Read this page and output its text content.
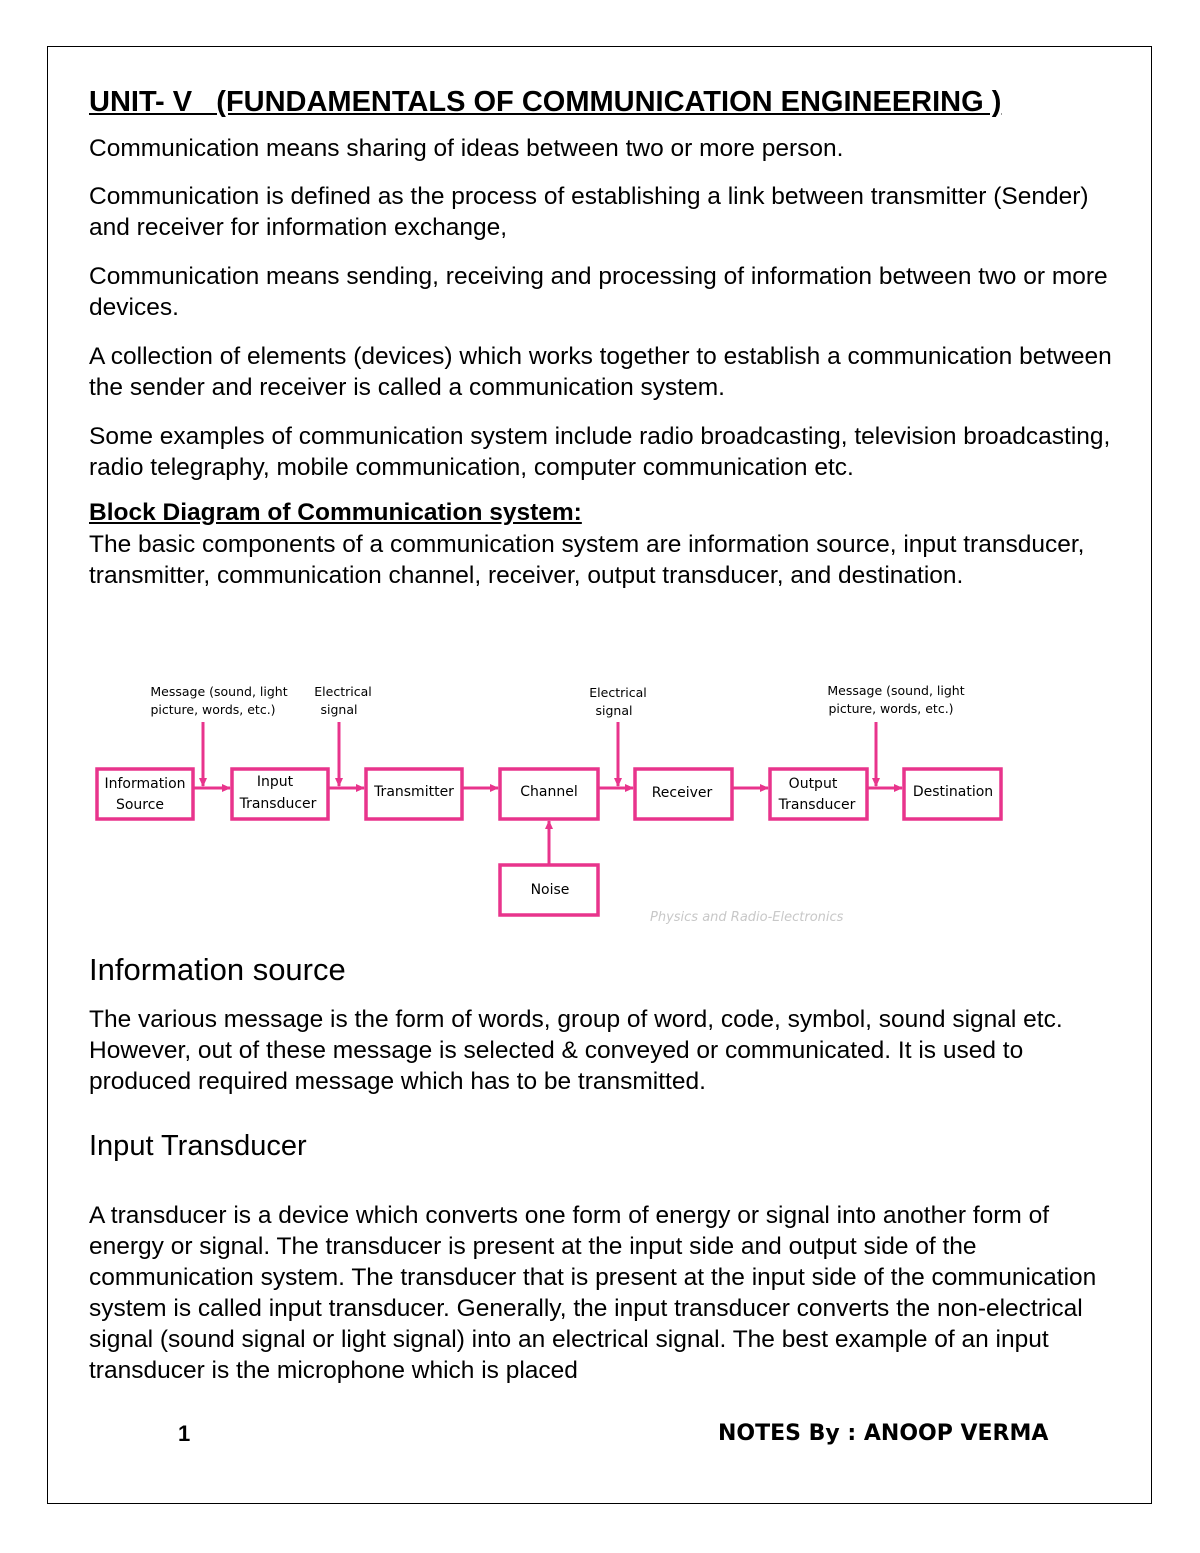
UNIT- V   (FUNDAMENTALS OF COMMUNICATION ENGINEERING )

Communication means sharing of ideas between two or more person.

Communication is defined as the process of establishing a link between transmitter (Sender) and receiver for information exchange,

Communication means sending, receiving and processing of information between two or more devices.

A collection of elements (devices) which works together to establish a communication between the sender and receiver is called a communication system.

Some examples of communication system include radio broadcasting, television broadcasting, radio telegraphy, mobile communication, computer communication etc.

Block Diagram of Communication system:

The basic components of a communication system are information source, input transducer, transmitter, communication channel, receiver, output transducer, and destination.

Information
Source
Input
Transducer
Transmitter	Channel	Receiver
Output
Transducer
Destination
Noise
Message (sound, light
picture, words, etc.)
Electrical
signal
Electrical
signal
Message (sound, light
picture, words, etc.)
Physics and Radio-Electronics

Information source

The various message is the form of words, group of word, code, symbol, sound signal etc. However, out of these message is selected & conveyed or communicated. It is used to produced required message which has to be transmitted.

Input Transducer

A transducer is a device which converts one form of energy or signal into another form of energy or signal. The transducer is present at the input side and output side of the communication system. The transducer that is present at the input side of the communication system is called input transducer. Generally, the input transducer converts the non-electrical signal (sound signal or light signal) into an electrical signal. The best example of an input transducer is the microphone which is placed

1	NOTES By : ANOOP VERMA
